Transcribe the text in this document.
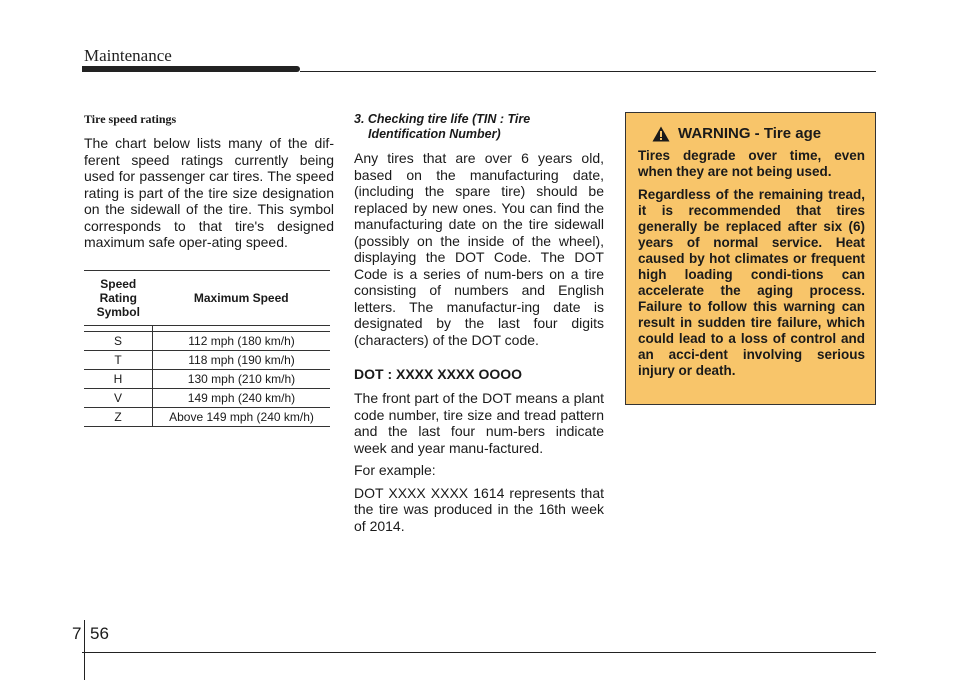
Maintenance
Tire speed ratings

The chart below lists many of the dif-ferent speed ratings currently being used for passenger car tires. The speed rating is part of the tire size designation on the sidewall of the tire. This symbol corresponds to that tire's designed maximum safe oper-ating speed.

Speed Rating Symbol	Maximum Speed

S	112 mph (180 km/h)
T	118 mph (190 km/h)
H	130 mph (210 km/h)
V	149 mph (240 km/h)
Z	Above 149 mph (240 km/h)
3. Checking tire life (TIN : Tire Identification Number)

Any tires that are over 6 years old, based on the manufacturing date, (including the spare tire) should be replaced by new ones. You can find the manufacturing date on the tire sidewall (possibly on the inside of the wheel), displaying the DOT Code. The DOT Code is a series of num-bers on a tire consisting of numbers and English letters. The manufactur-ing date is designated by the last four digits (characters) of the DOT code.

DOT : XXXX XXXX OOOO

The front part of the DOT means a plant code number, tire size and tread pattern and the last four num-bers indicate week and year manu-factured.

For example:

DOT XXXX XXXX 1614 represents that the tire was produced in the 16th week of 2014.

WARNING - Tire age

Tires degrade over time, even when they are not being used.

Regardless of the remaining tread, it is recommended that tires generally be replaced after six (6) years of normal service. Heat caused by hot climates or frequent high loading condi-tions can accelerate the aging process. Failure to follow this warning can result in sudden tire failure, which could lead to a loss of control and an acci-dent involving serious injury or death.

7 56
